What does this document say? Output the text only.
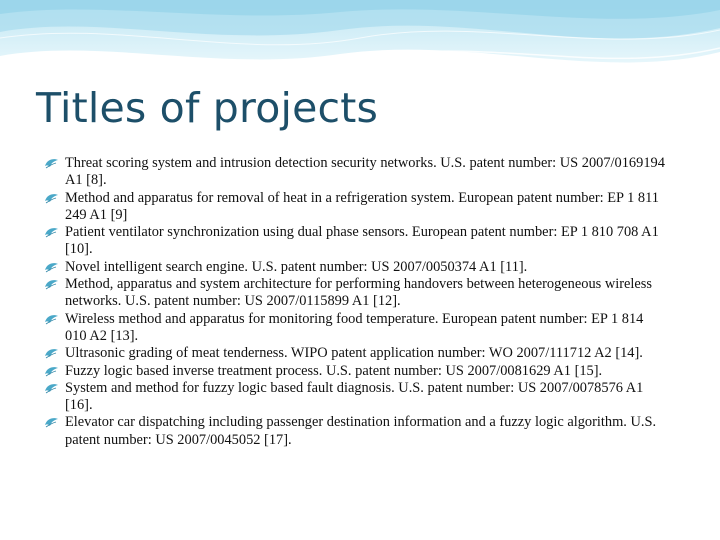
Titles of projects
Threat scoring system and intrusion detection security networks. U.S. patent number: US 2007/0169194 A1 [8].
Method and apparatus for removal of heat in a refrigeration system. European patent number: EP 1 811 249 A1 [9]
Patient ventilator synchronization using dual phase sensors. European patent number: EP 1 810 708 A1 [10].
Novel intelligent search engine. U.S. patent number: US 2007/0050374 A1 [11].
Method, apparatus and system architecture for performing handovers between heterogeneous wireless networks. U.S. patent number: US 2007/0115899 A1 [12].
Wireless method and apparatus for monitoring food temperature. European patent number: EP 1 814 010 A2 [13].
Ultrasonic grading of meat tenderness. WIPO patent application number: WO 2007/111712 A2 [14].
Fuzzy logic based inverse treatment process. U.S. patent number: US 2007/0081629 A1 [15].
System and method for fuzzy logic based fault diagnosis. U.S. patent number: US 2007/0078576 A1 [16].
Elevator car dispatching including passenger destination information and a fuzzy logic algorithm. U.S. patent number: US 2007/0045052 [17].
